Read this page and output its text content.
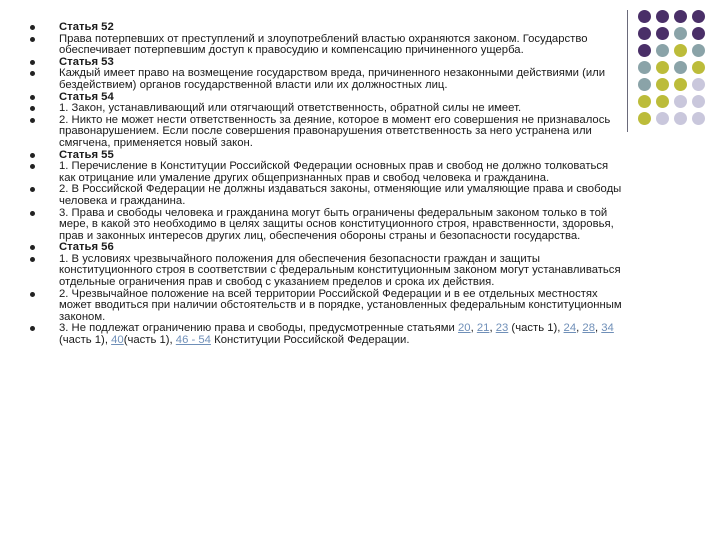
Статья 52
Права потерпевших от преступлений и злоупотреблений властью охраняются законом. Государство обеспечивает потерпевшим доступ к правосудию и компенсацию причиненного ущерба.
Статья 53
Каждый имеет право на возмещение государством вреда, причиненного незаконными действиями (или бездействием) органов государственной власти или их должностных лиц.
Статья 54
1. Закон, устанавливающий или отягчающий ответственность, обратной силы не имеет.
2. Никто не может нести ответственность за деяние, которое в момент его совершения не признавалось правонарушением. Если после совершения правонарушения ответственность за него устранена или смягчена, применяется новый закон.
Статья 55
1. Перечисление в Конституции Российской Федерации основных прав и свобод не должно толковаться как отрицание или умаление других общепризнанных прав и свобод человека и гражданина.
2. В Российской Федерации не должны издаваться законы, отменяющие или умаляющие права и свободы человека и гражданина.
3. Права и свободы человека и гражданина могут быть ограничены федеральным законом только в той мере, в какой это необходимо в целях защиты основ конституционного строя, нравственности, здоровья, прав и законных интересов других лиц, обеспечения обороны страны и безопасности государства.
Статья 56
1. В условиях чрезвычайного положения для обеспечения безопасности граждан и защиты конституционного строя в соответствии с федеральным конституционным законом могут устанавливаться отдельные ограничения прав и свобод с указанием пределов и срока их действия.
2. Чрезвычайное положение на всей территории Российской Федерации и в ее отдельных местностях может вводиться при наличии обстоятельств и в порядке, установленных федеральным конституционным законом.
3. Не подлежат ограничению права и свободы, предусмотренные статьями 20, 21, 23 (часть 1), 24, 28, 34 (часть 1), 40(часть 1), 46 - 54 Конституции Российской Федерации.
